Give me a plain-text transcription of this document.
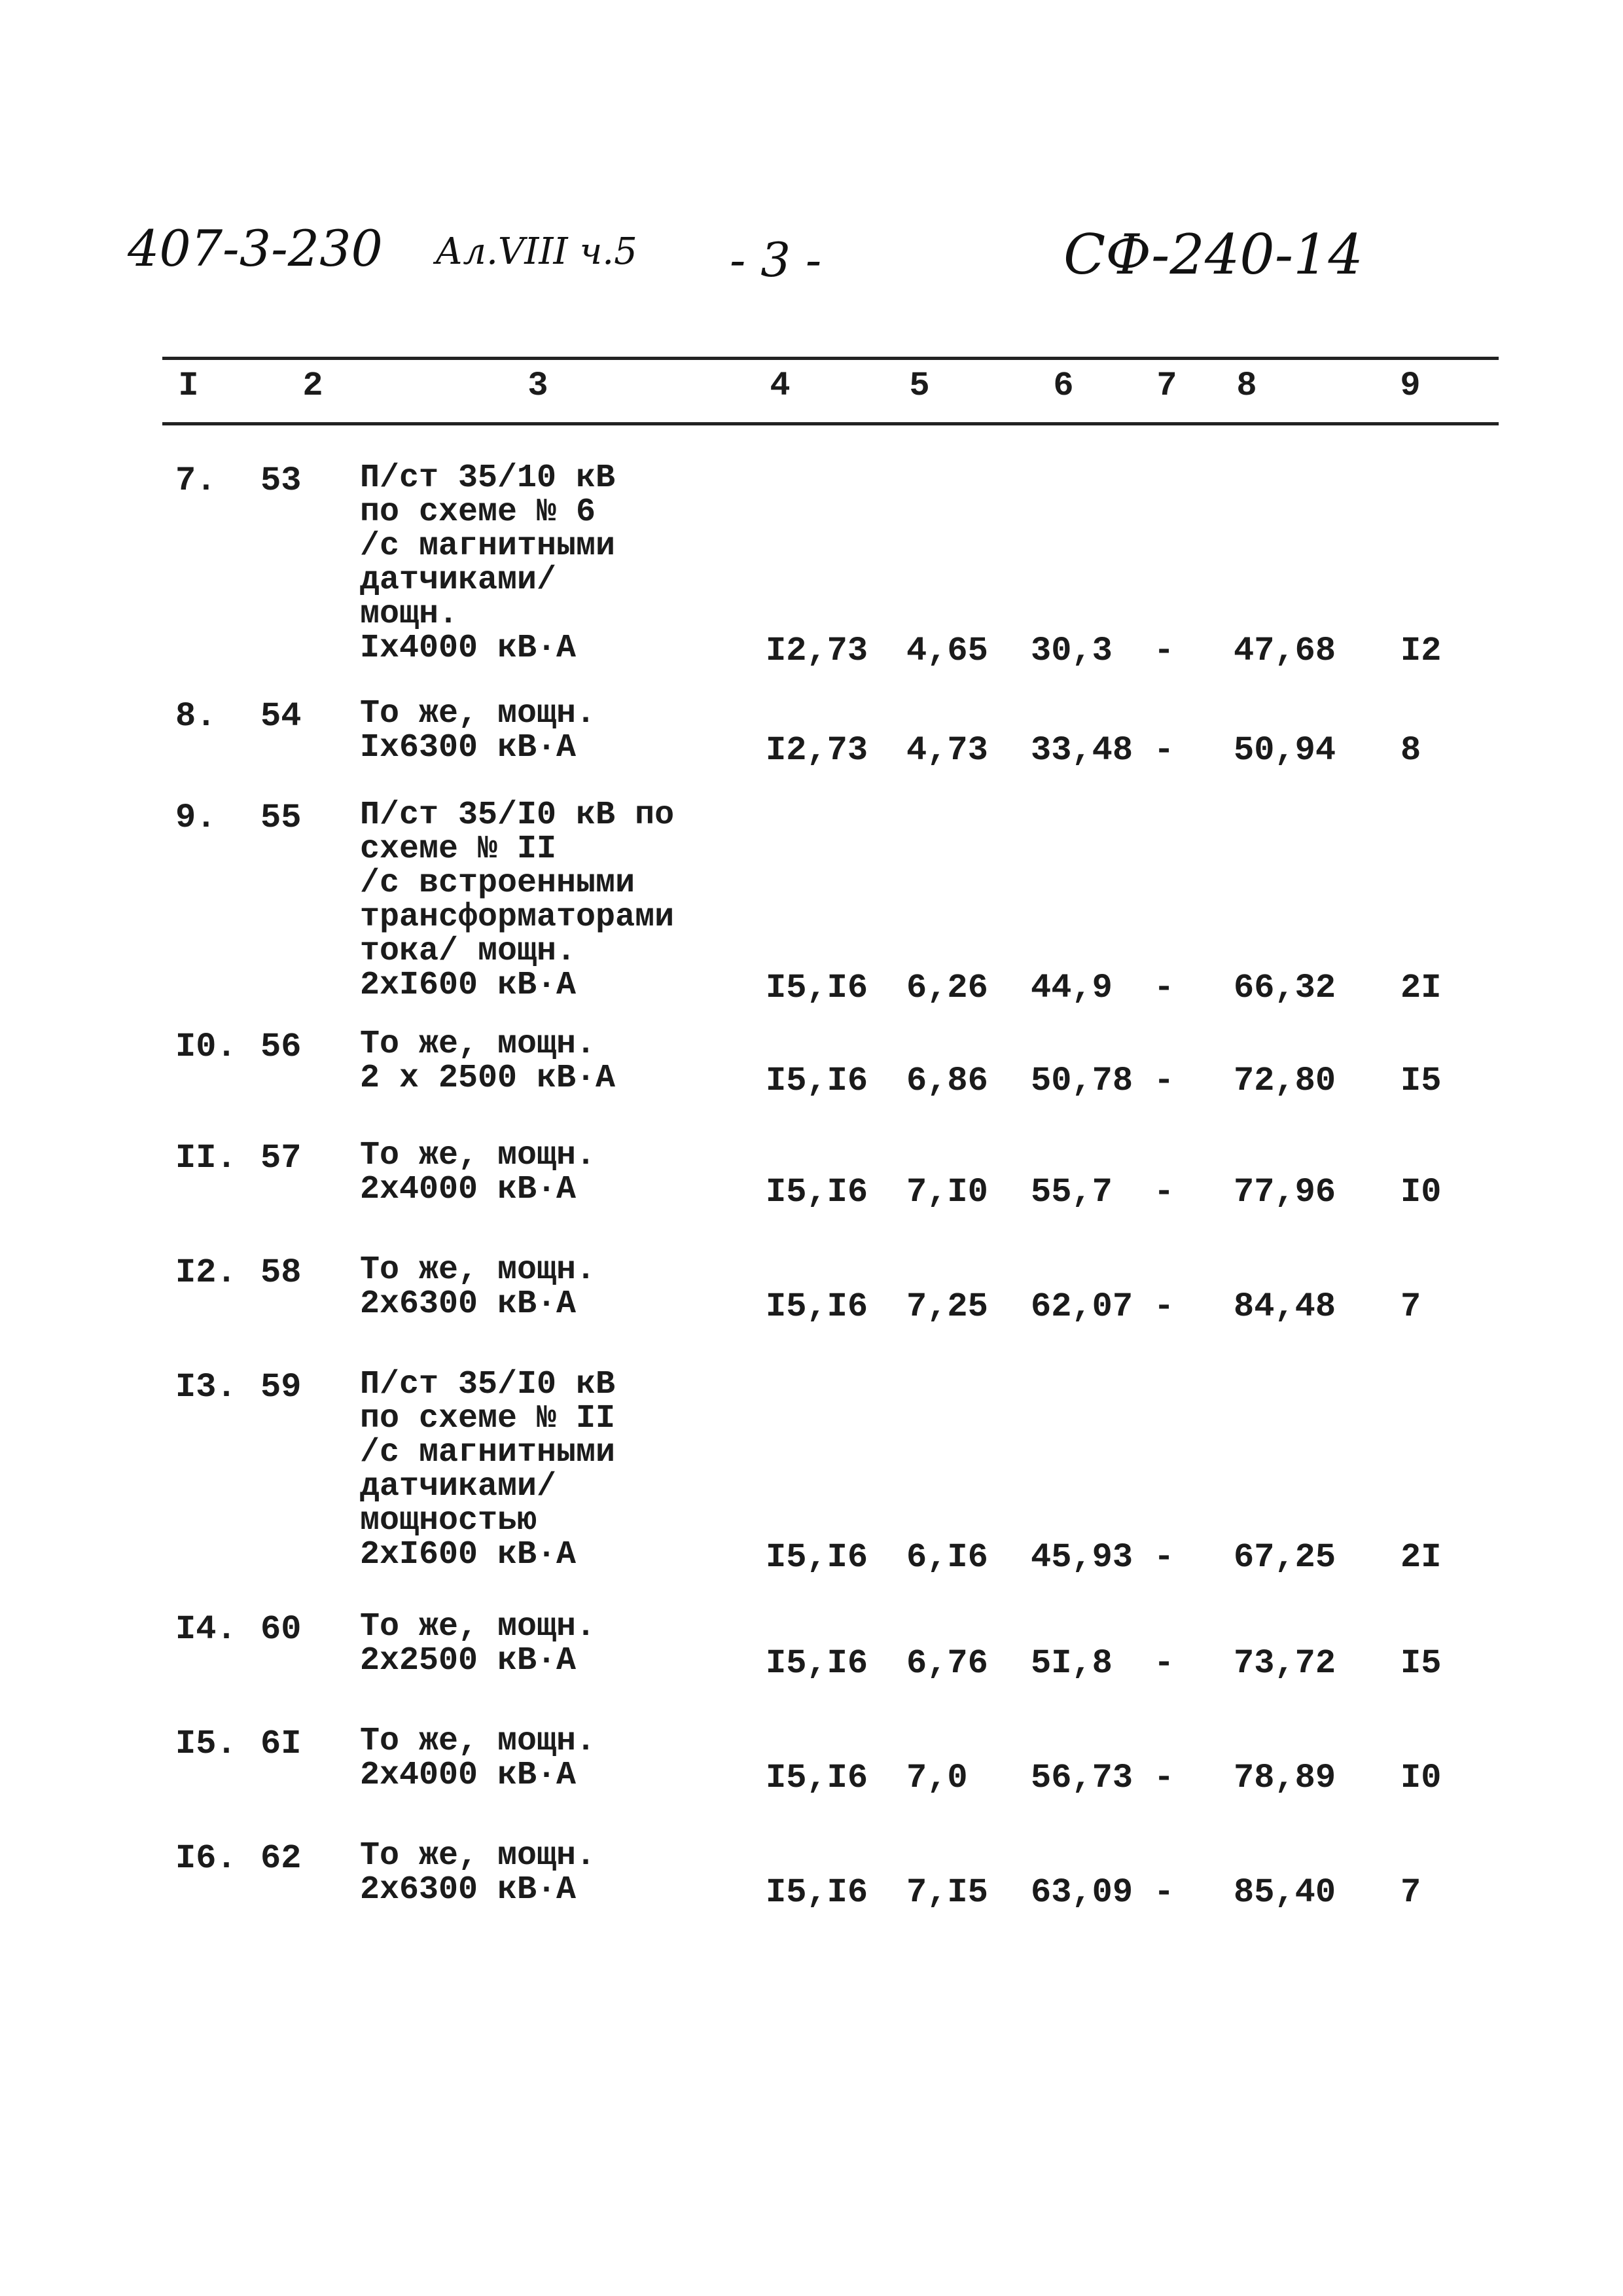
407-3-230 Ал.VIII ч.5 - 3 -	СФ-240-14
I	2	3	4	5	6	7	8	9
7. 53 П/ст 35/10 кВ
по схеме № 6
/с магнитными
датчиками/
мощн.
Iх4000 кВ·А	I2,73 4,65 30,3 - 47,68 I2
8. 54 То же, мощн.
Iх6300 кВ·А	I2,73 4,73 33,48 - 50,94 8
9. 55 П/ст 35/I0 кВ по
схеме № II
/с встроенными
трансформаторами
тока/ мощн.
2хI600 кВ·А	I5,I6 6,26 44,9 - 66,32 2I
I0. 56 То же, мощн.
2 х 2500 кВ·А	I5,I6 6,86 50,78 - 72,80 I5
II. 57 То же, мощн.
2х4000 кВ·А	I5,I6 7,I0 55,7 - 77,96 I0
I2. 58 То же, мощн.
2х6300 кВ·А	I5,I6 7,25 62,07 - 84,48 7
I3. 59 П/ст 35/I0 кВ
по схеме № II
/с магнитными
датчиками/
мощностью
2хI600 кВ·А	I5,I6 6,I6 45,93 - 67,25 2I
I4. 60 То же, мощн.
2х2500 кВ·А	I5,I6 6,76 5I,8 - 73,72 I5
I5. 6I То же, мощн.
2х4000 кВ·А	I5,I6 7,0 56,73 - 78,89 I0
I6. 62 То же, мощн.
2х6300 кВ·А	I5,I6 7,I5 63,09 - 85,40 7
